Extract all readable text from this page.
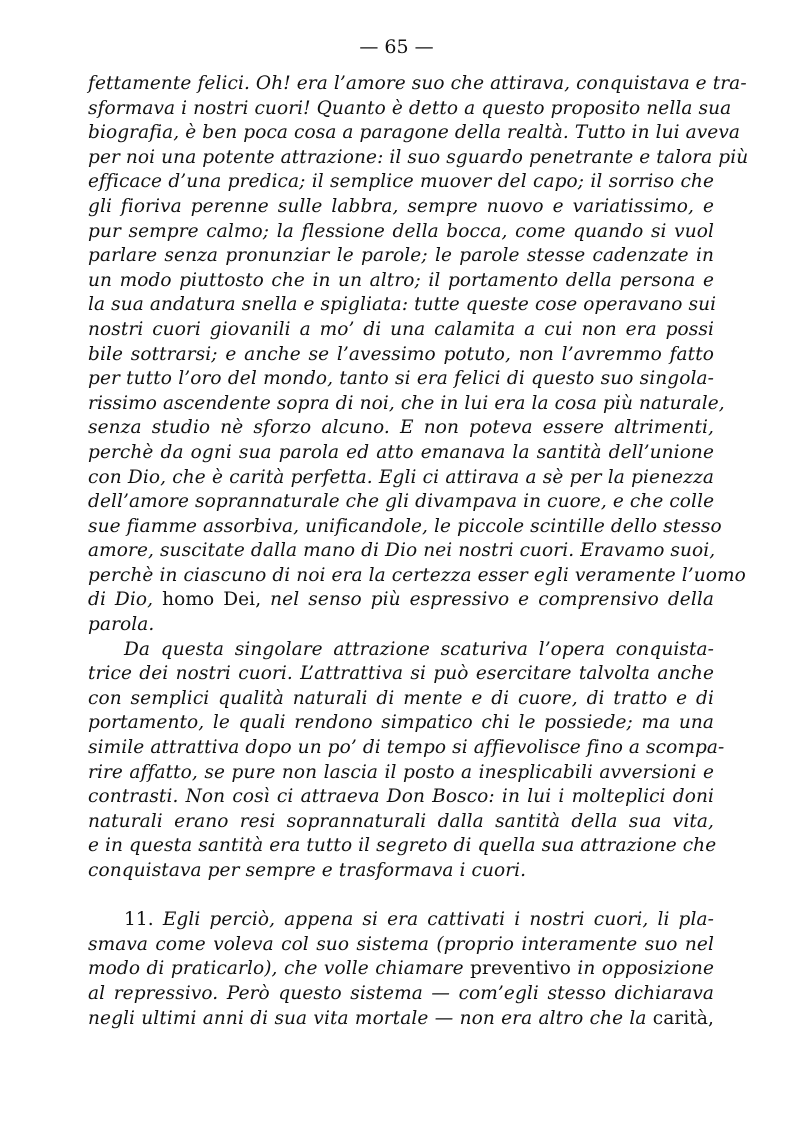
— 65 —
fettamente felici. Oh! era l’amore suo che attirava, conquistava e tra-
sformava i nostri cuori! Quanto è detto a questo proposito nella sua
biografia, è ben poca cosa a paragone della realtà. Tutto in lui aveva
per noi una potente attrazione: il suo sguardo penetrante e talora più
efficace d’una predica; il semplice muover del capo; il sorriso che
gli fioriva perenne sulle labbra, sempre nuovo e variatissimo, e
pur sempre calmo; la flessione della bocca, come quando si vuol
parlare senza pronunziar le parole; le parole stesse cadenzate in
un modo piuttosto che in un altro; il portamento della persona e
la sua andatura snella e spigliata: tutte queste cose operavano sui
nostri cuori giovanili a mo’ di una calamita a cui non era possi
bile sottrarsi; e anche se l’avessimo potuto, non l’avremmo fatto
per tutto l’oro del mondo, tanto si era felici di questo suo singola-
rissimo ascendente sopra di noi, che in lui era la cosa più naturale,
senza studio nè sforzo alcuno. E non poteva essere altrimenti,
perchè da ogni sua parola ed atto emanava la santità dell’unione
con Dio, che è carità perfetta. Egli ci attirava a sè per la pienezza
dell’amore soprannaturale che gli divampava in cuore, e che colle
sue fiamme assorbiva, unificandole, le piccole scintille dello stesso
amore, suscitate dalla mano di Dio nei nostri cuori. Eravamo suoi,
perchè in ciascuno di noi era la certezza esser egli veramente l’uomo
di Dio, homo Dei, nel senso più espressivo e comprensivo della
parola.
Da questa singolare attrazione scaturiva l’opera conquista-
trice dei nostri cuori. L’attrattiva si può esercitare talvolta anche
con semplici qualità naturali di mente e di cuore, di tratto e di
portamento, le quali rendono simpatico chi le possiede; ma una
simile attrattiva dopo un po’ di tempo si affievolisce fino a scompa-
rire affatto, se pure non lascia il posto a inesplicabili avversioni e
contrasti. Non così ci attraeva Don Bosco: in lui i molteplici doni
naturali erano resi soprannaturali dalla santità della sua vita,
e in questa santità era tutto il segreto di quella sua attrazione che
conquistava per sempre e trasformava i cuori.
11. Egli perciò, appena si era cattivati i nostri cuori, li pla-
smava come voleva col suo sistema (proprio interamente suo nel
modo di praticarlo), che volle chiamare preventivo in opposizione
al repressivo. Però questo sistema — com’egli stesso dichiarava
negli ultimi anni di sua vita mortale — non era altro che la carità,
